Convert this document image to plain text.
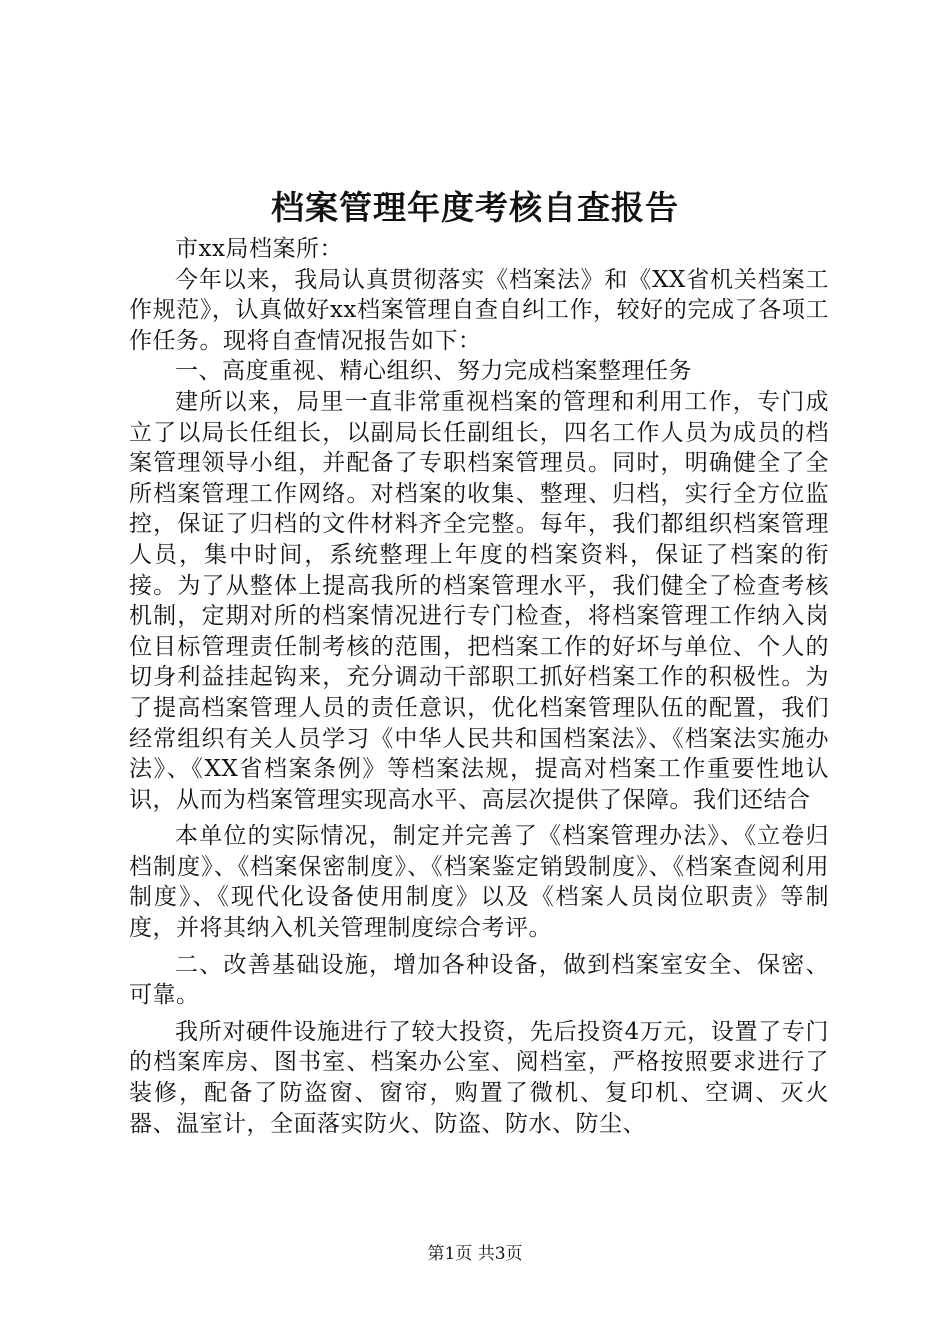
档案管理年度考核自查报告

市xx局档案所：

今年以来，我局认真贯彻落实《档案法》和《XX省机关档案工作规范》，认真做好xx档案管理自查自纠工作，较好的完成了各项工作任务。现将自查情况报告如下：

一、高度重视、精心组织、努力完成档案整理任务

建所以来，局里一直非常重视档案的管理和利用工作，专门成立了以局长任组长，以副局长任副组长，四名工作人员为成员的档案管理领导小组，并配备了专职档案管理员。同时，明确健全了全所档案管理工作网络。对档案的收集、整理、归档，实行全方位监控，保证了归档的文件材料齐全完整。每年，我们都组织档案管理人员，集中时间，系统整理上年度的档案资料，保证了档案的衔接。为了从整体上提高我所的档案管理水平，我们健全了检查考核机制，定期对所的档案情况进行专门检查，将档案管理工作纳入岗位目标管理责任制考核的范围，把档案工作的好坏与单位、个人的切身利益挂起钩来，充分调动干部职工抓好档案工作的积极性。为了提高档案管理人员的责任意识，优化档案管理队伍的配置，我们经常组织有关人员学习《中华人民共和国档案法》、《档案法实施办法》、《XX省档案条例》等档案法规，提高对档案工作重要性地认识，从而为档案管理实现高水平、高层次提供了保障。我们还结合

本单位的实际情况，制定并完善了《档案管理办法》、《立卷归档制度》、《档案保密制度》、《档案鉴定销毁制度》、《档案查阅利用制度》、《现代化设备使用制度》以及《档案人员岗位职责》等制度，并将其纳入机关管理制度综合考评。

二、改善基础设施，增加各种设备，做到档案室安全、保密、可靠。

我所对硬件设施进行了较大投资，先后投资4万元，设置了专门的档案库房、图书室、档案办公室、阅档室，严格按照要求进行了装修，配备了防盗窗、窗帘，购置了微机、复印机、空调、灭火器、温室计，全面落实防火、防盗、防水、防尘、

第1页 共3页
